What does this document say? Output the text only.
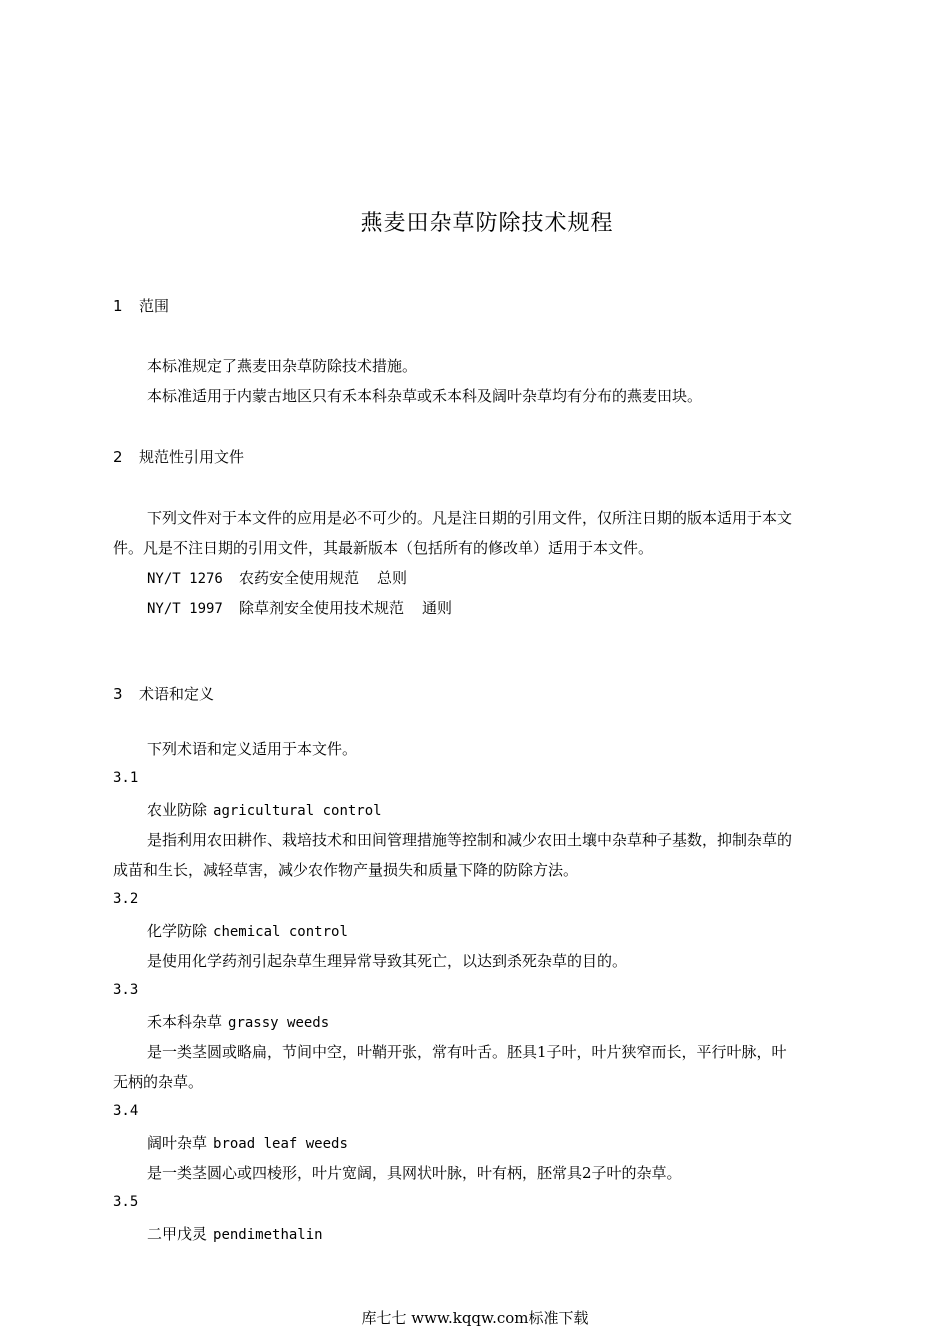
燕麦田杂草防除技术规程
1 范围
本标准规定了燕麦田杂草防除技术措施。
本标准适用于内蒙古地区只有禾本科杂草或禾本科及阔叶杂草均有分布的燕麦田块。
2 规范性引用文件
下列文件对于本文件的应用是必不可少的。凡是注日期的引用文件，仅所注日期的版本适用于本文
件。凡是不注日期的引用文件，其最新版本（包括所有的修改单）适用于本文件。
NY/T 1276 农药安全使用规范 总则
NY/T 1997 除草剂安全使用技术规范 通则
3 术语和定义
下列术语和定义适用于本文件。
3.1
农业防除 agricultural control
是指利用农田耕作、栽培技术和田间管理措施等控制和减少农田土壤中杂草种子基数，抑制杂草的
成苗和生长，减轻草害，减少农作物产量损失和质量下降的防除方法。
3.2
化学防除 chemical control
是使用化学药剂引起杂草生理异常导致其死亡，以达到杀死杂草的目的。
3.3
禾本科杂草 grassy weeds
是一类茎圆或略扁，节间中空，叶鞘开张，常有叶舌。胚具1子叶，叶片狭窄而长，平行叶脉，叶
无柄的杂草。
3.4
阔叶杂草 broad leaf weeds
是一类茎圆心或四棱形，叶片宽阔，具网状叶脉，叶有柄，胚常具2子叶的杂草。
3.5
二甲戊灵 pendimethalin
库七七 www.kqqw.com标准下载
